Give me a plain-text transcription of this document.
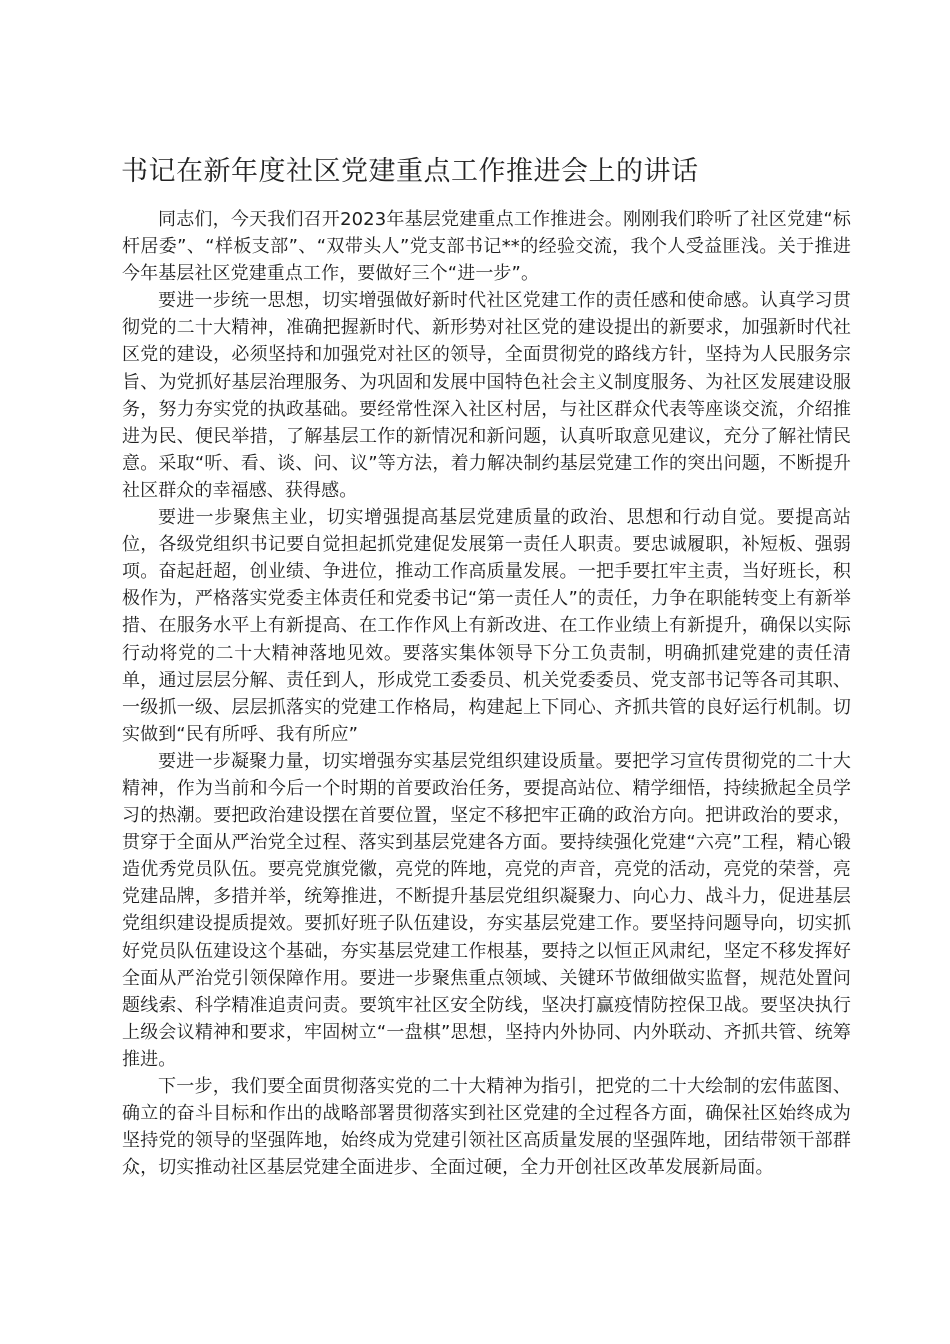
书记在新年度社区党建重点工作推进会上的讲话

同志们，今天我们召开2023年基层党建重点工作推进会。刚刚我们聆听了社区党建“标杆居委”、“样板支部”、“双带头人”党支部书记**的经验交流，我个人受益匪浅。关于推进今年基层社区党建重点工作，要做好三个“进一步”。

要进一步统一思想，切实增强做好新时代社区党建工作的责任感和使命感。认真学习贯彻党的二十大精神，准确把握新时代、新形势对社区党的建设提出的新要求，加强新时代社区党的建设，必须坚持和加强党对社区的领导，全面贯彻党的路线方针，坚持为人民服务宗旨、为党抓好基层治理服务、为巩固和发展中国特色社会主义制度服务、为社区发展建设服务，努力夯实党的执政基础。要经常性深入社区村居，与社区群众代表等座谈交流，介绍推进为民、便民举措，了解基层工作的新情况和新问题，认真听取意见建议，充分了解社情民意。采取“听、看、谈、问、议”等方法，着力解决制约基层党建工作的突出问题，不断提升社区群众的幸福感、获得感。

要进一步聚焦主业，切实增强提高基层党建质量的政治、思想和行动自觉。要提高站位，各级党组织书记要自觉担起抓党建促发展第一责任人职责。要忠诚履职，补短板、强弱项。奋起赶超，创业绩、争进位，推动工作高质量发展。一把手要扛牢主责，当好班长，积极作为，严格落实党委主体责任和党委书记“第一责任人”的责任，力争在职能转变上有新举措、在服务水平上有新提高、在工作作风上有新改进、在工作业绩上有新提升，确保以实际行动将党的二十大精神落地见效。要落实集体领导下分工负责制，明确抓建党建的责任清单，通过层层分解、责任到人，形成党工委委员、机关党委委员、党支部书记等各司其职、一级抓一级、层层抓落实的党建工作格局，构建起上下同心、齐抓共管的良好运行机制。切实做到“民有所呼、我有所应”

要进一步凝聚力量，切实增强夯实基层党组织建设质量。要把学习宣传贯彻党的二十大精神，作为当前和今后一个时期的首要政治任务，要提高站位、精学细悟，持续掀起全员学习的热潮。要把政治建设摆在首要位置，坚定不移把牢正确的政治方向。把讲政治的要求，贯穿于全面从严治党全过程、落实到基层党建各方面。要持续强化党建“六亮”工程，精心锻造优秀党员队伍。要亮党旗党徽，亮党的阵地，亮党的声音，亮党的活动，亮党的荣誉，亮党建品牌，多措并举，统筹推进，不断提升基层党组织凝聚力、向心力、战斗力，促进基层党组织建设提质提效。要抓好班子队伍建设，夯实基层党建工作。要坚持问题导向，切实抓好党员队伍建设这个基础，夯实基层党建工作根基，要持之以恒正风肃纪，坚定不移发挥好全面从严治党引领保障作用。要进一步聚焦重点领域、关键环节做细做实监督，规范处置问题线索、科学精准追责问责。要筑牢社区安全防线，坚决打赢疫情防控保卫战。要坚决执行上级会议精神和要求，牢固树立“一盘棋”思想，坚持内外协同、内外联动、齐抓共管、统筹推进。

下一步，我们要全面贯彻落实党的二十大精神为指引，把党的二十大绘制的宏伟蓝图、确立的奋斗目标和作出的战略部署贯彻落实到社区党建的全过程各方面，确保社区始终成为坚持党的领导的坚强阵地，始终成为党建引领社区高质量发展的坚强阵地，团结带领干部群众，切实推动社区基层党建全面进步、全面过硬，全力开创社区改革发展新局面。
